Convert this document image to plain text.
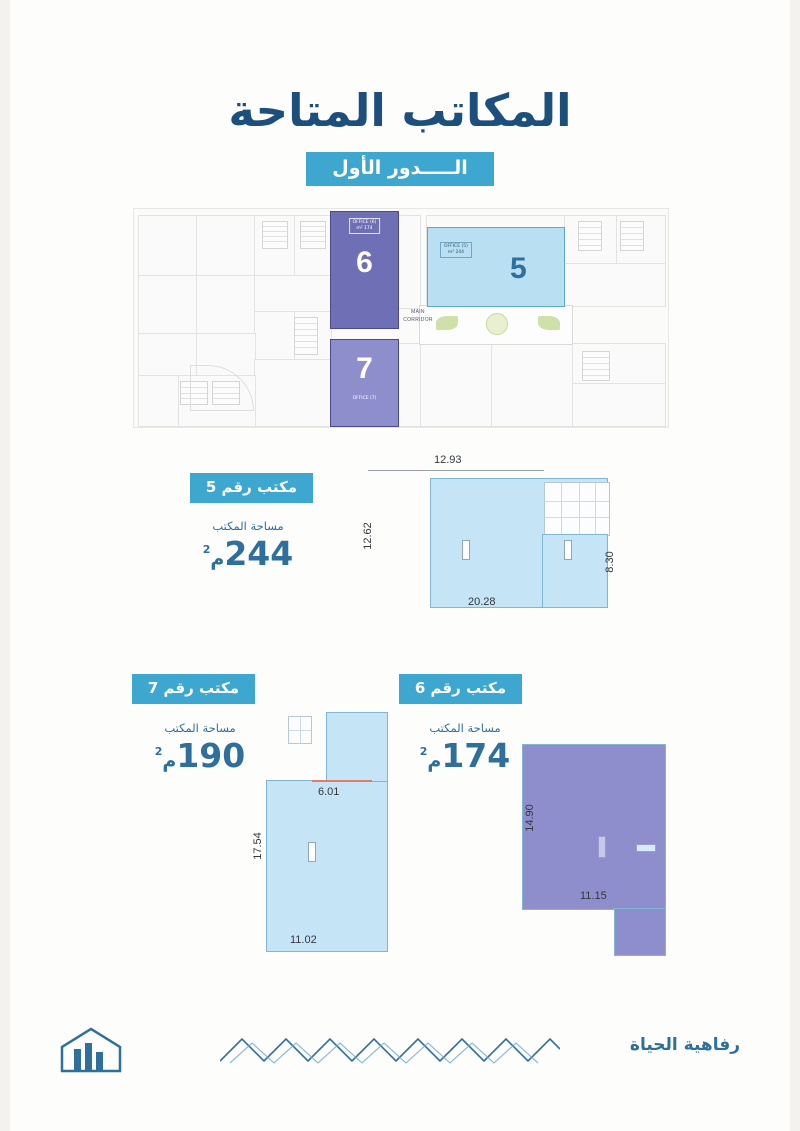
المكاتب المتاحة
الـــــدور الأول
OFFICE (6)
174 m²
6
7
OFFICE (7)
OFFICE (5)
244 m² 5
MAIN
CORRIDOR
مكتب رقم 5
مساحة المكتب
244م$^2$
12.93
12.62
8.30
20.28
مكتب رقم 7
مساحة المكتب
190م$^2$
6.01
17.54
11.02
مكتب رقم 6
مساحة المكتب
174م$^2$
14.90
11.15
رفاهية الحياة
